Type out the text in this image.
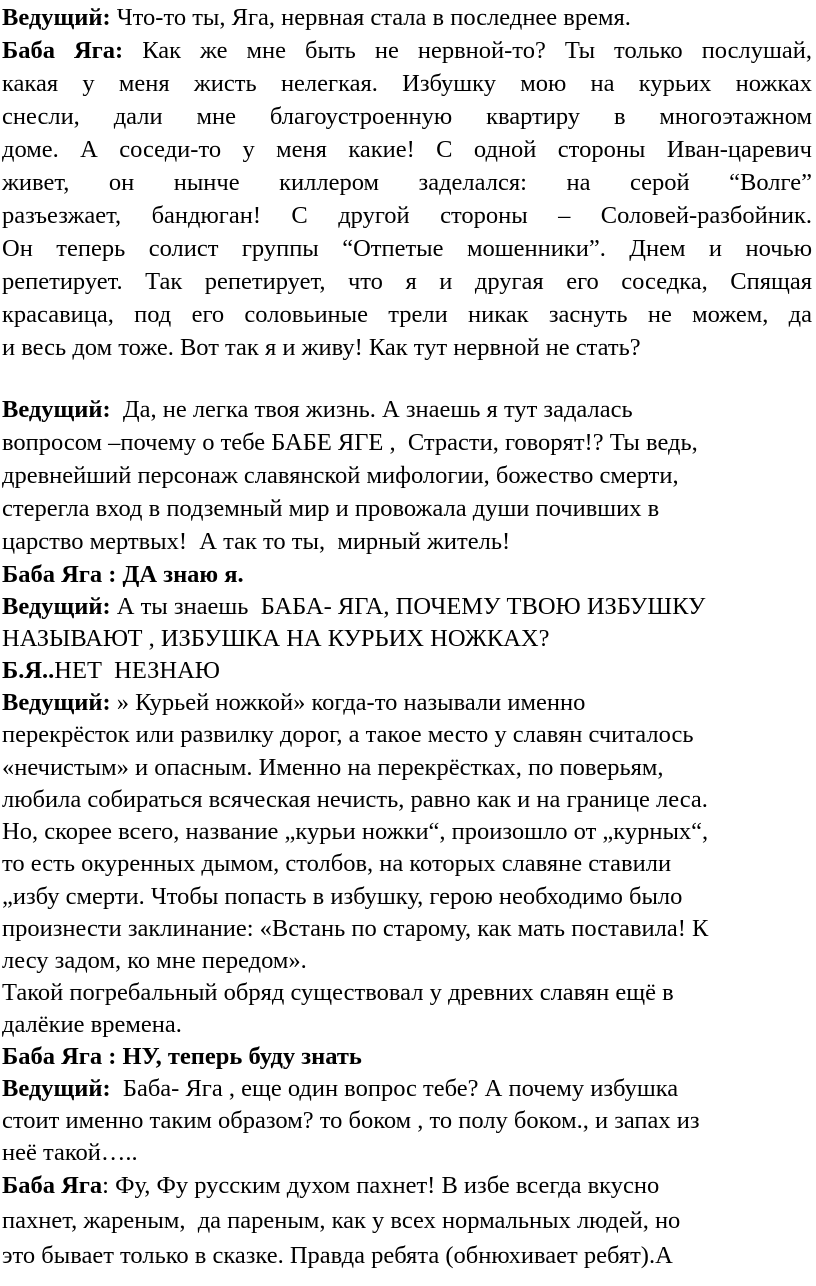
Ведущий: Что-то ты, Яга, нервная стала в последнее время.
Баба Яга: Как же мне быть не нервной-то? Ты только послушай,
какая у меня жисть нелегкая. Избушку мою на курьих ножках
снесли, дали мне благоустроенную квартиру в многоэтажном
доме. А соседи-то у меня какие! С одной стороны Иван-царевич
живет, он нынче киллером заделался: на серой “Волге”
разъезжает, бандюган! С другой стороны – Соловей-разбойник.
Он теперь солист группы “Отпетые мошенники”. Днем и ночью
репетирует. Так репетирует, что я и другая его соседка, Спящая
красавица, под его соловьиные трели никак заснуть не можем, да
и весь дом тоже. Вот так я и живу! Как тут нервной не стать?
Ведущий:  Да, не легка твоя жизнь. А знаешь я тут задалась
вопросом –почему о тебе БАБЕ ЯГЕ ,  Страсти, говорят!? Ты ведь,
древнейший персонаж славянской мифологии, божество смерти,
стерегла вход в подземный мир и провожала души почивших в
царство мертвых!  А так то ты,  мирный житель!
Баба Яга : ДА знаю я.
Ведущий: А ты знаешь  БАБА- ЯГА, ПОЧЕМУ ТВОЮ ИЗБУШКУ
НАЗЫВАЮТ , ИЗБУШКА НА КУРЬИХ НОЖКАХ?
Б.Я..НЕТ  НЕЗНАЮ
Ведущий: » Курьей ножкой» когда-то называли именно
перекрёсток или развилку дорог, а такое место у славян считалось
«нечистым» и опасным. Именно на перекрёстках, по поверьям,
любила собираться всяческая нечисть, равно как и на границе леса.
Но, скорее всего, название „курьи ножки“, произошло от „курных“,
то есть окуренных дымом, столбов, на которых славяне ставили
„избу смерти. Чтобы попасть в избушку, герою необходимо было
произнести заклинание: «Встань по старому, как мать поставила! К
лесу задом, ко мне передом».
Такой погребальный обряд существовал у древних славян ещё в
далёкие времена.
Баба Яга : НУ, теперь буду знать
Ведущий:  Баба- Яга , еще один вопрос тебе? А почему избушка
стоит именно таким образом? то боком , то полу боком., и запах из
неё такой…..
Баба Яга: Фу, Фу русским духом пахнет! В избе всегда вкусно
пахнет, жареным,  да пареным, как у всех нормальных людей, но
это бывает только в сказке. Правда ребята (обнюхивает ребят).А
